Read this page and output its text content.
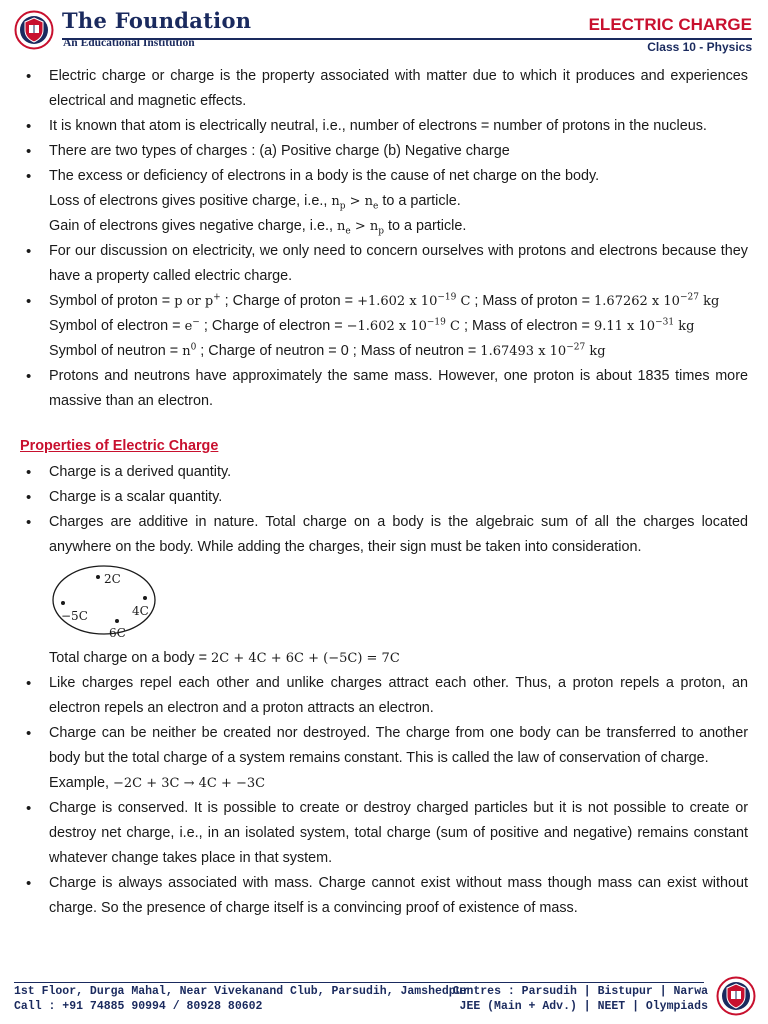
The Foundation
An Educational Institution
ELECTRIC CHARGE
Class 10 - Physics
• Electric charge or charge is the property associated with matter due to which it produces and experiences electrical and magnetic effects.
• It is known that atom is electrically neutral, i.e., number of electrons = number of protons in the nucleus.
• There are two types of charges : (a) Positive charge (b) Negative charge
• The excess or deficiency of electrons in a body is the cause of net charge on the body.
Loss of electrons gives positive charge, i.e., $n_p > n_e$ to a particle.
Gain of electrons gives negative charge, i.e., $n_e > n_p$ to a particle.
• For our discussion on electricity, we only need to concern ourselves with protons and electrons because they have a property called electric charge.
• Symbol of proton = p or p+ ; Charge of proton = +1.602 x $10^{-19}$ C ; Mass of proton = 1.67262 x $10^{-27}$ kg
Symbol of electron = e− ; Charge of electron = −1.602 x $10^{-19}$ C ; Mass of electron = 9.11 x $10^{-31}$ kg
Symbol of neutron = $n^0$ ; Charge of neutron = 0 ; Mass of neutron = 1.67493 x $10^{-27}$ kg
• Protons and neutrons have approximately the same mass. However, one proton is about 1835 times more massive than an electron.
Properties of Electric Charge
• Charge is a derived quantity.
• Charge is a scalar quantity.
• Charges are additive in nature. Total charge on a body is the algebraic sum of all the charges located anywhere on the body. While adding the charges, their sign must be taken into consideration.
2C
−5C	4C
6C
Total charge on a body = 2C + 4C + 6C + (−5C) = 7C
• Like charges repel each other and unlike charges attract each other. Thus, a proton repels a proton, an electron repels an electron and a proton attracts an electron.
• Charge can be neither be created nor destroyed. The charge from one body can be transferred to another body but the total charge of a system remains constant. This is called the law of conservation of charge.
Example, −2C + 3C → 4C + −3C
• Charge is conserved. It is possible to create or destroy charged particles but it is not possible to create or destroy net charge, i.e., in an isolated system, total charge (sum of positive and negative) remains constant whatever change takes place in that system.
• Charge is always associated with mass. Charge cannot exist without mass though mass can exist without charge. So the presence of charge itself is a convincing proof of existence of mass.
1st Floor, Durga Mahal, Near Vivekanand Club, Parsudih, Jamshedpur
Call : +91 74885 90994 / 80928 80602
Centres : Parsudih | Bistupur | Narwa
JEE (Main + Adv.) | NEET | Olympiads
